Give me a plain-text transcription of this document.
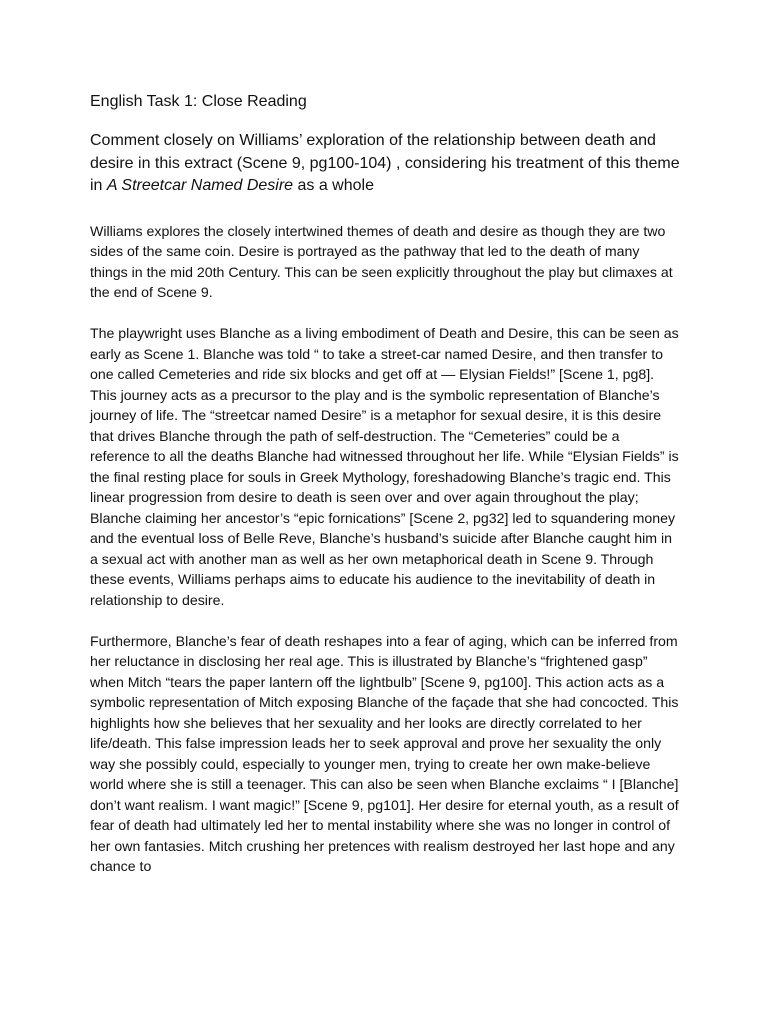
English Task 1: Close Reading
Comment closely on Williams’ exploration of the relationship between death and desire in this extract (Scene 9, pg100-104) , considering his treatment of this theme in A Streetcar Named Desire as a whole

Williams explores the closely intertwined themes of death and desire as though they are two sides of the same coin. Desire is portrayed as the pathway that led to the death of many things in the mid 20th Century. This can be seen explicitly throughout the play but climaxes at the end of Scene 9.

The playwright uses Blanche as a living embodiment of Death and Desire, this can be seen as early as Scene 1. Blanche was told “ to take a street-car named Desire, and then transfer to one called Cemeteries and ride six blocks and get off at — Elysian Fields!” [Scene 1, pg8]. This journey acts as a precursor to the play and is the symbolic representation of Blanche’s journey of life. The “streetcar named Desire” is a metaphor for sexual desire, it is this desire that drives Blanche through the path of self-destruction. The “Cemeteries” could be a reference to all the deaths Blanche had witnessed throughout her life. While “Elysian Fields” is the final resting place for souls in Greek Mythology, foreshadowing Blanche’s tragic end. This linear progression from desire to death is seen over and over again throughout the play; Blanche claiming her ancestor’s “epic fornications” [Scene 2, pg32] led to squandering money and the eventual loss of Belle Reve, Blanche’s husband’s suicide after Blanche caught him in a sexual act with another man as well as her own metaphorical death in Scene 9. Through these events, Williams perhaps aims to educate his audience to the inevitability of death in relationship to desire.

Furthermore, Blanche’s fear of death reshapes into a fear of aging, which can be inferred from her reluctance in disclosing her real age. This is illustrated by Blanche’s “frightened gasp” when Mitch “tears the paper lantern off the lightbulb” [Scene 9, pg100]. This action acts as a symbolic representation of Mitch exposing Blanche of the façade that she had concocted. This highlights how she believes that her sexuality and her looks are directly correlated to her life/death. This false impression leads her to seek approval and prove her sexuality the only way she possibly could, especially to younger men, trying to create her own make-believe world where she is still a teenager. This can also be seen when Blanche exclaims “ I [Blanche] don’t want realism. I want magic!” [Scene 9, pg101]. Her desire for eternal youth, as a result of fear of death had ultimately led her to mental instability where she was no longer in control of her own fantasies. Mitch crushing her pretences with realism destroyed her last hope and any chance to
